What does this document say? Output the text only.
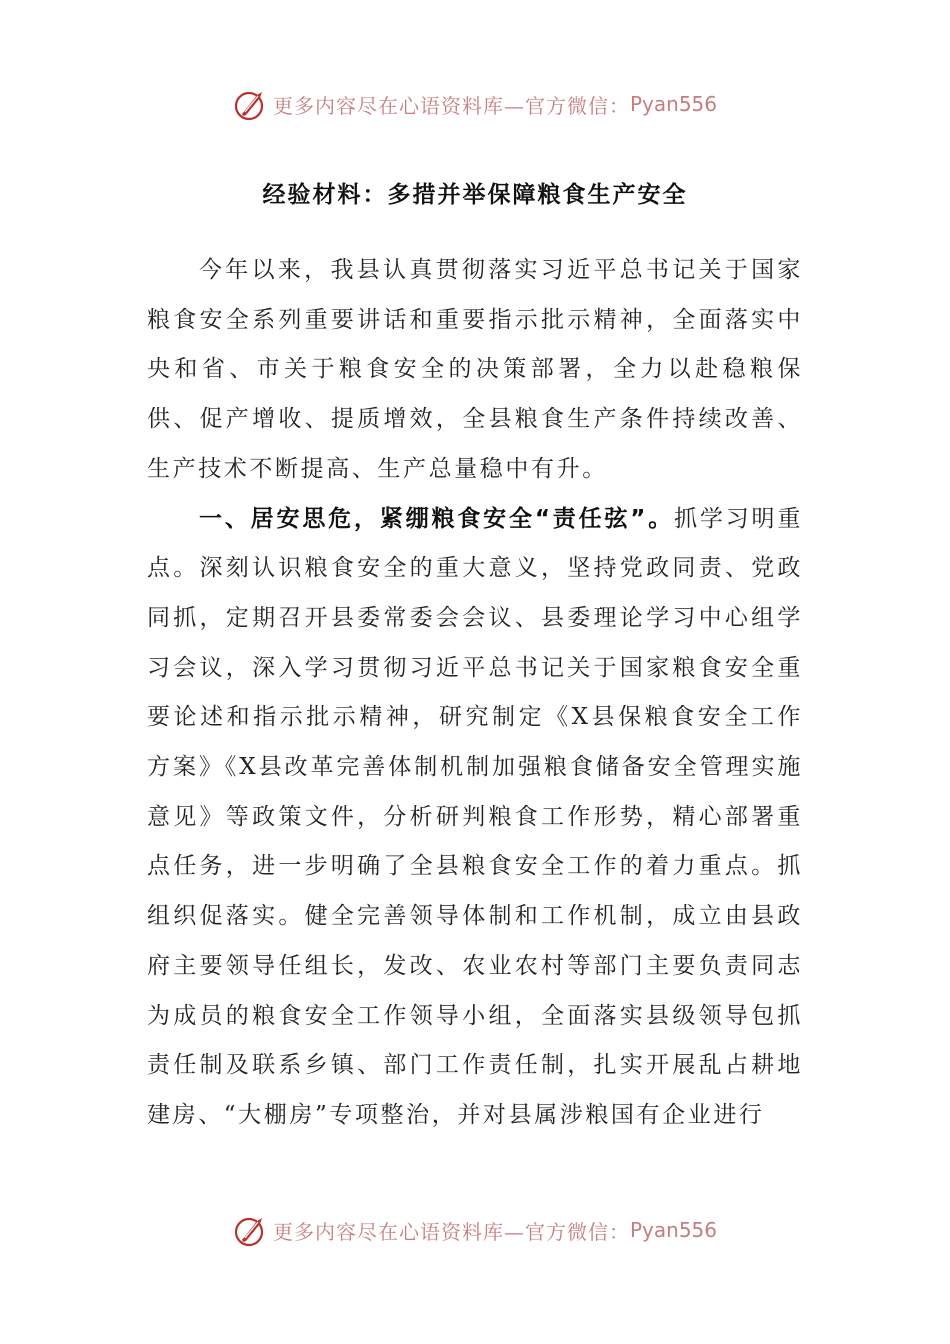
更多内容尽在心语资料库—官方微信： Pyan556
经验材料：多措并举保障粮食生产安全

今年以来，我县认真贯彻落实习近平总书记关于国家粮食安全系列重要讲话和重要指示批示精神，全面落实中央和省、市关于粮食安全的决策部署，全力以赴稳粮保供、促产增收、提质增效，全县粮食生产条件持续改善、生产技术不断提高、生产总量稳中有升。

一、居安思危，紧绷粮食安全“责任弦”。抓学习明重点。深刻认识粮食安全的重大意义，坚持党政同责、党政同抓，定期召开县委常委会会议、县委理论学习中心组学习会议，深入学习贯彻习近平总书记关于国家粮食安全重要论述和指示批示精神，研究制定《X县保粮食安全工作方案》《X县改革完善体制机制加强粮食储备安全管理实施意见》等政策文件，分析研判粮食工作形势，精心部署重点任务，进一步明确了全县粮食安全工作的着力重点。抓组织促落实。健全完善领导体制和工作机制，成立由县政府主要领导任组长，发改、农业农村等部门主要负责同志为成员的粮食安全工作领导小组，全面落实县级领导包抓责任制及联系乡镇、部门工作责任制，扎实开展乱占耕地建房、“大棚房”专项整治，并对县属涉粮国有企业进行

更多内容尽在心语资料库—官方微信： Pyan556
